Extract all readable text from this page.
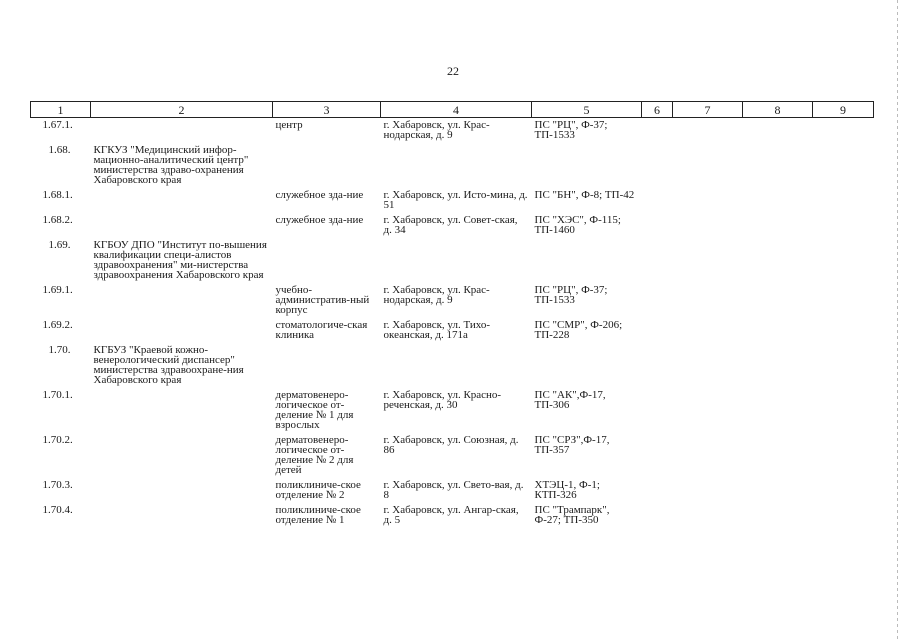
22
1	2	3	4	5	6	7	8	9
1.67.1.		центр	г. Хабаровск, ул. Крас-нодарская, д. 9	ПС "РЦ", Ф-37; ТП-1533				
1.68.	КГКУЗ "Медицинский инфор-мационно-аналитический центр" министерства здраво-охранения Хабаровского края							
1.68.1.		служебное зда-ние	г. Хабаровск, ул. Исто-мина, д. 51	ПС "БН", Ф-8; ТП-42				
1.68.2.		служебное зда-ние	г. Хабаровск, ул. Совет-ская, д. 34	ПС "ХЭС", Ф-115; ТП-1460				
1.69.	КГБОУ ДПО "Институт по-вышения квалификации специ-алистов здравоохранения" ми-нистерства здравоохранения Хабаровского края							
1.69.1.		учебно-административ-ный корпус	г. Хабаровск, ул. Крас-нодарская, д. 9	ПС "РЦ", Ф-37; ТП-1533				
1.69.2.		стоматологиче-ская клиника	г. Хабаровск, ул. Тихо-океанская, д. 171а	ПС "СМР", Ф-206; ТП-228				
1.70.	КГБУЗ "Краевой кожно-венерологический диспансер" министерства здравоохране-ния Хабаровского края							
1.70.1.		дерматовенеро-логическое от-деление № 1 для взрослых	г. Хабаровск, ул. Красно-реченская, д. 30	ПС "АК",Ф-17, ТП-306				
1.70.2.		дерматовенеро-логическое от-деление № 2 для детей	г. Хабаровск, ул. Союзная, д. 86	ПС "СРЗ",Ф-17, ТП-357				
1.70.3.		поликлиниче-ское отделение № 2	г. Хабаровск, ул. Свето-вая, д. 8	ХТЭЦ-1, Ф-1; КТП-326				
1.70.4.		поликлиниче-ское отделение № 1	г. Хабаровск, ул. Ангар-ская, д. 5	ПС "Трампарк", Ф-27; ТП-350				
